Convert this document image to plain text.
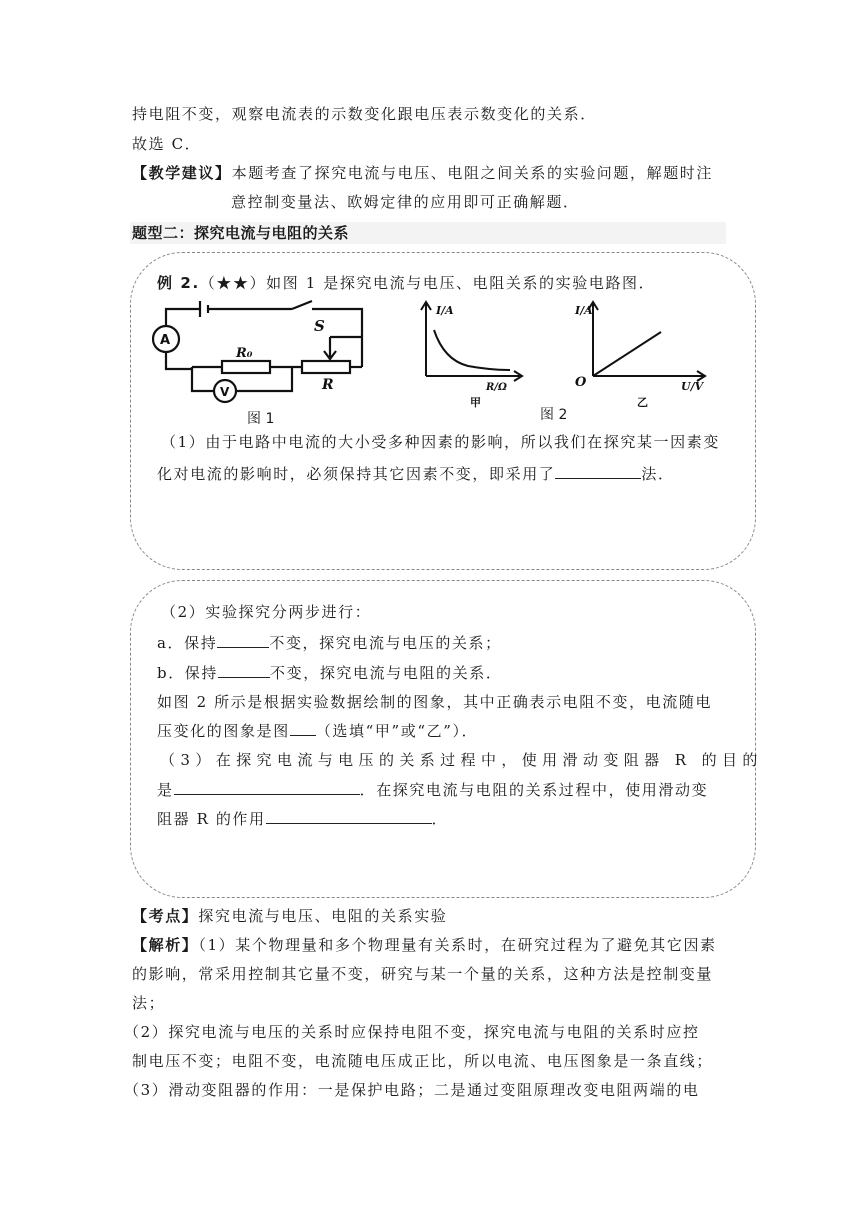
持电阻不变，观察电流表的示数变化跟电压表示数变化的关系．
故选 C．
【教学建议】本题考查了探究电流与电压、电阻之间关系的实验问题，解题时注
意控制变量法、欧姆定律的应用即可正确解题．
题型二：探究电流与电阻的关系
例 2.（★★）如图 1 是探究电流与电压、电阻关系的实验电路图．
A
V
S
R₀
R
图 1
I/A
R/Ω
甲
I/A
O	U/V
乙
图 2
（1）由于电路中电流的大小受多种因素的影响，所以我们在探究某一因素变
化对电流的影响时，必须保持其它因素不变，即采用了	法．
（2）实验探究分两步进行：
a．保持	不变，探究电流与电压的关系；
b．保持	不变，探究电流与电阻的关系．
如图 2 所示是根据实验数据绘制的图象，其中正确表示电阻不变，电流随电
压变化的图象是图 （选填“甲”或“乙”）．
（3）在探究电流与电压的关系过程中，使用滑动变阻器 R 的目的
是	．在探究电流与电阻的关系过程中，使用滑动变
阻器 R 的作用	．
【考点】探究电流与电压、电阻的关系实验
【解析】（1）某个物理量和多个物理量有关系时，在研究过程为了避免其它因素
的影响，常采用控制其它量不变，研究与某一个量的关系，这种方法是控制变量
法；
（2）探究电流与电压的关系时应保持电阻不变，探究电流与电阻的关系时应控
制电压不变；电阻不变，电流随电压成正比，所以电流、电压图象是一条直线；
（3）滑动变阻器的作用：一是保护电路；二是通过变阻原理改变电阻两端的电
